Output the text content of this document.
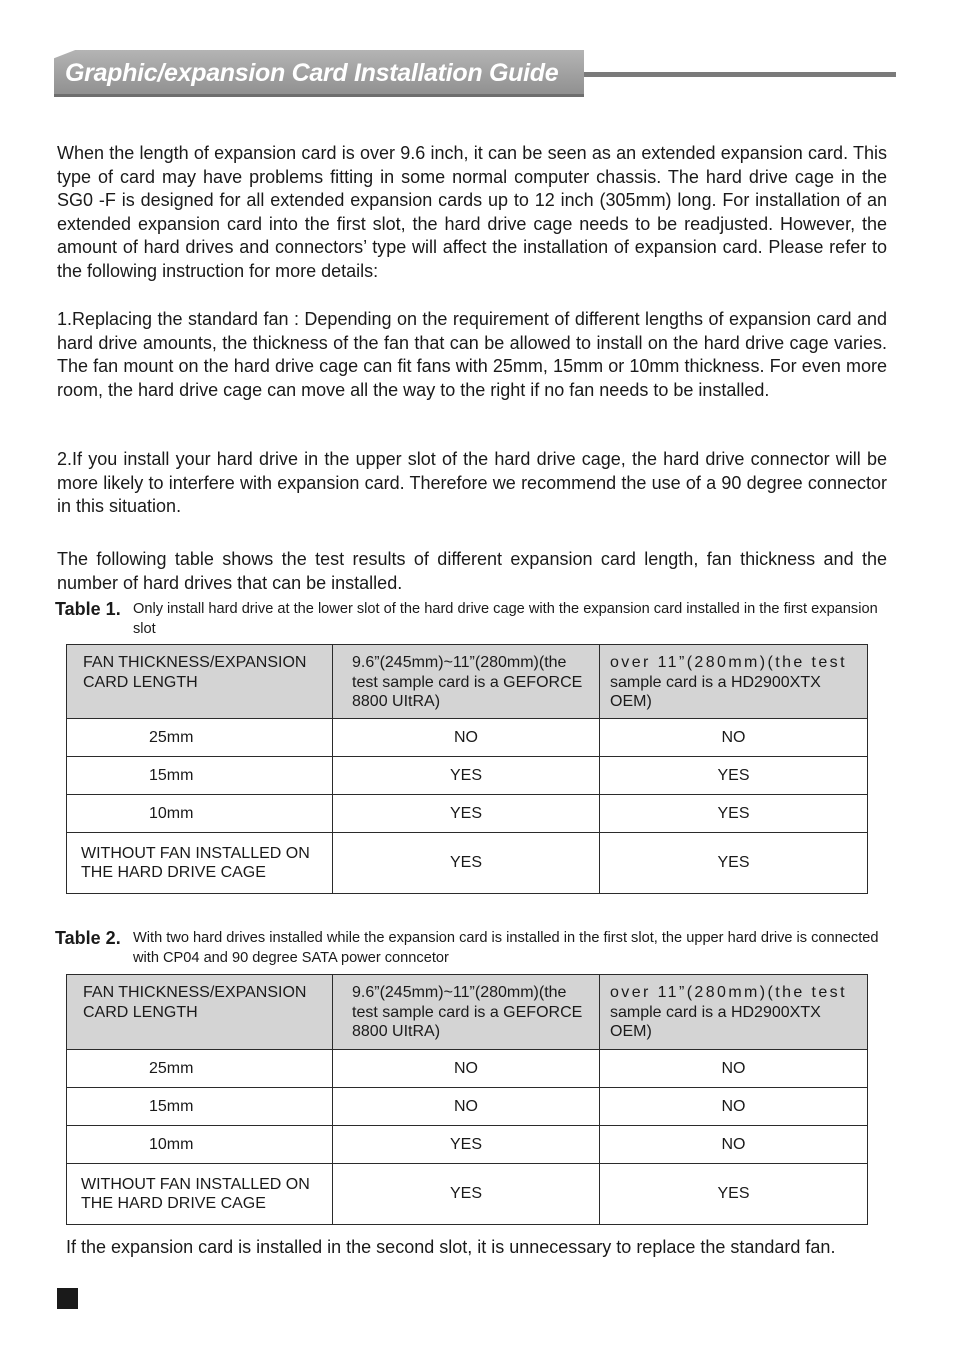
Graphic/expansion Card Installation Guide

When the length of expansion card is over 9.6 inch, it can be seen as an extended expansion card. This type of card may have problems fitting in some normal computer chassis. The hard drive cage in the SG0 -F is designed for all extended expansion cards up to 12 inch (305mm) long. For installation of an extended expansion card into the first slot, the hard drive cage needs to be readjusted. However, the amount of hard drives and connectors’ type will affect the installation of expansion card. Please refer to the following instruction for more details:

1.Replacing the standard fan : Depending on the requirement of different lengths of expansion card and hard drive amounts, the thickness of the fan that can be allowed to install on the hard drive cage varies. The fan mount on the hard drive cage can fit fans with 25mm, 15mm or 10mm thickness. For even more room, the hard drive cage can move all the way to the right if no fan needs to be installed.

2.If you install your hard drive in the upper slot of the hard drive cage, the hard drive connector will be more likely to interfere with expansion card. Therefore we recommend the use of a 90 degree connector in this situation.

The following table shows the test results of different expansion card length, fan thickness and the number of hard drives that can be installed.

Table 1. Only install hard drive at the lower slot of the hard drive cage with the expansion card installed in the first expansion slot
FAN THICKNESS/EXPANSION CARD LENGTH	9.6”(245mm)~11”(280mm)(the test sample card is a GEFORCE 8800 UItRA)	over 11”(280mm)(the test
sample card is a HD2900XTX OEM)
25mm	NO	NO
15mm	YES	YES
10mm	YES	YES
WITHOUT FAN INSTALLED ON THE HARD DRIVE CAGE	YES	YES
Table 2. With two hard drives installed while the expansion card is installed in the first slot, the upper hard drive is connected with CP04 and 90 degree SATA power conncetor
FAN THICKNESS/EXPANSION CARD LENGTH	9.6”(245mm)~11”(280mm)(the test sample card is a GEFORCE 8800 UItRA)	over 11”(280mm)(the test
sample card is a HD2900XTX OEM)
25mm	NO	NO
15mm	NO	NO
10mm	YES	NO
WITHOUT FAN INSTALLED ON THE HARD DRIVE CAGE	YES	YES

If the expansion card is installed in the second slot, it is unnecessary to replace the standard fan.
